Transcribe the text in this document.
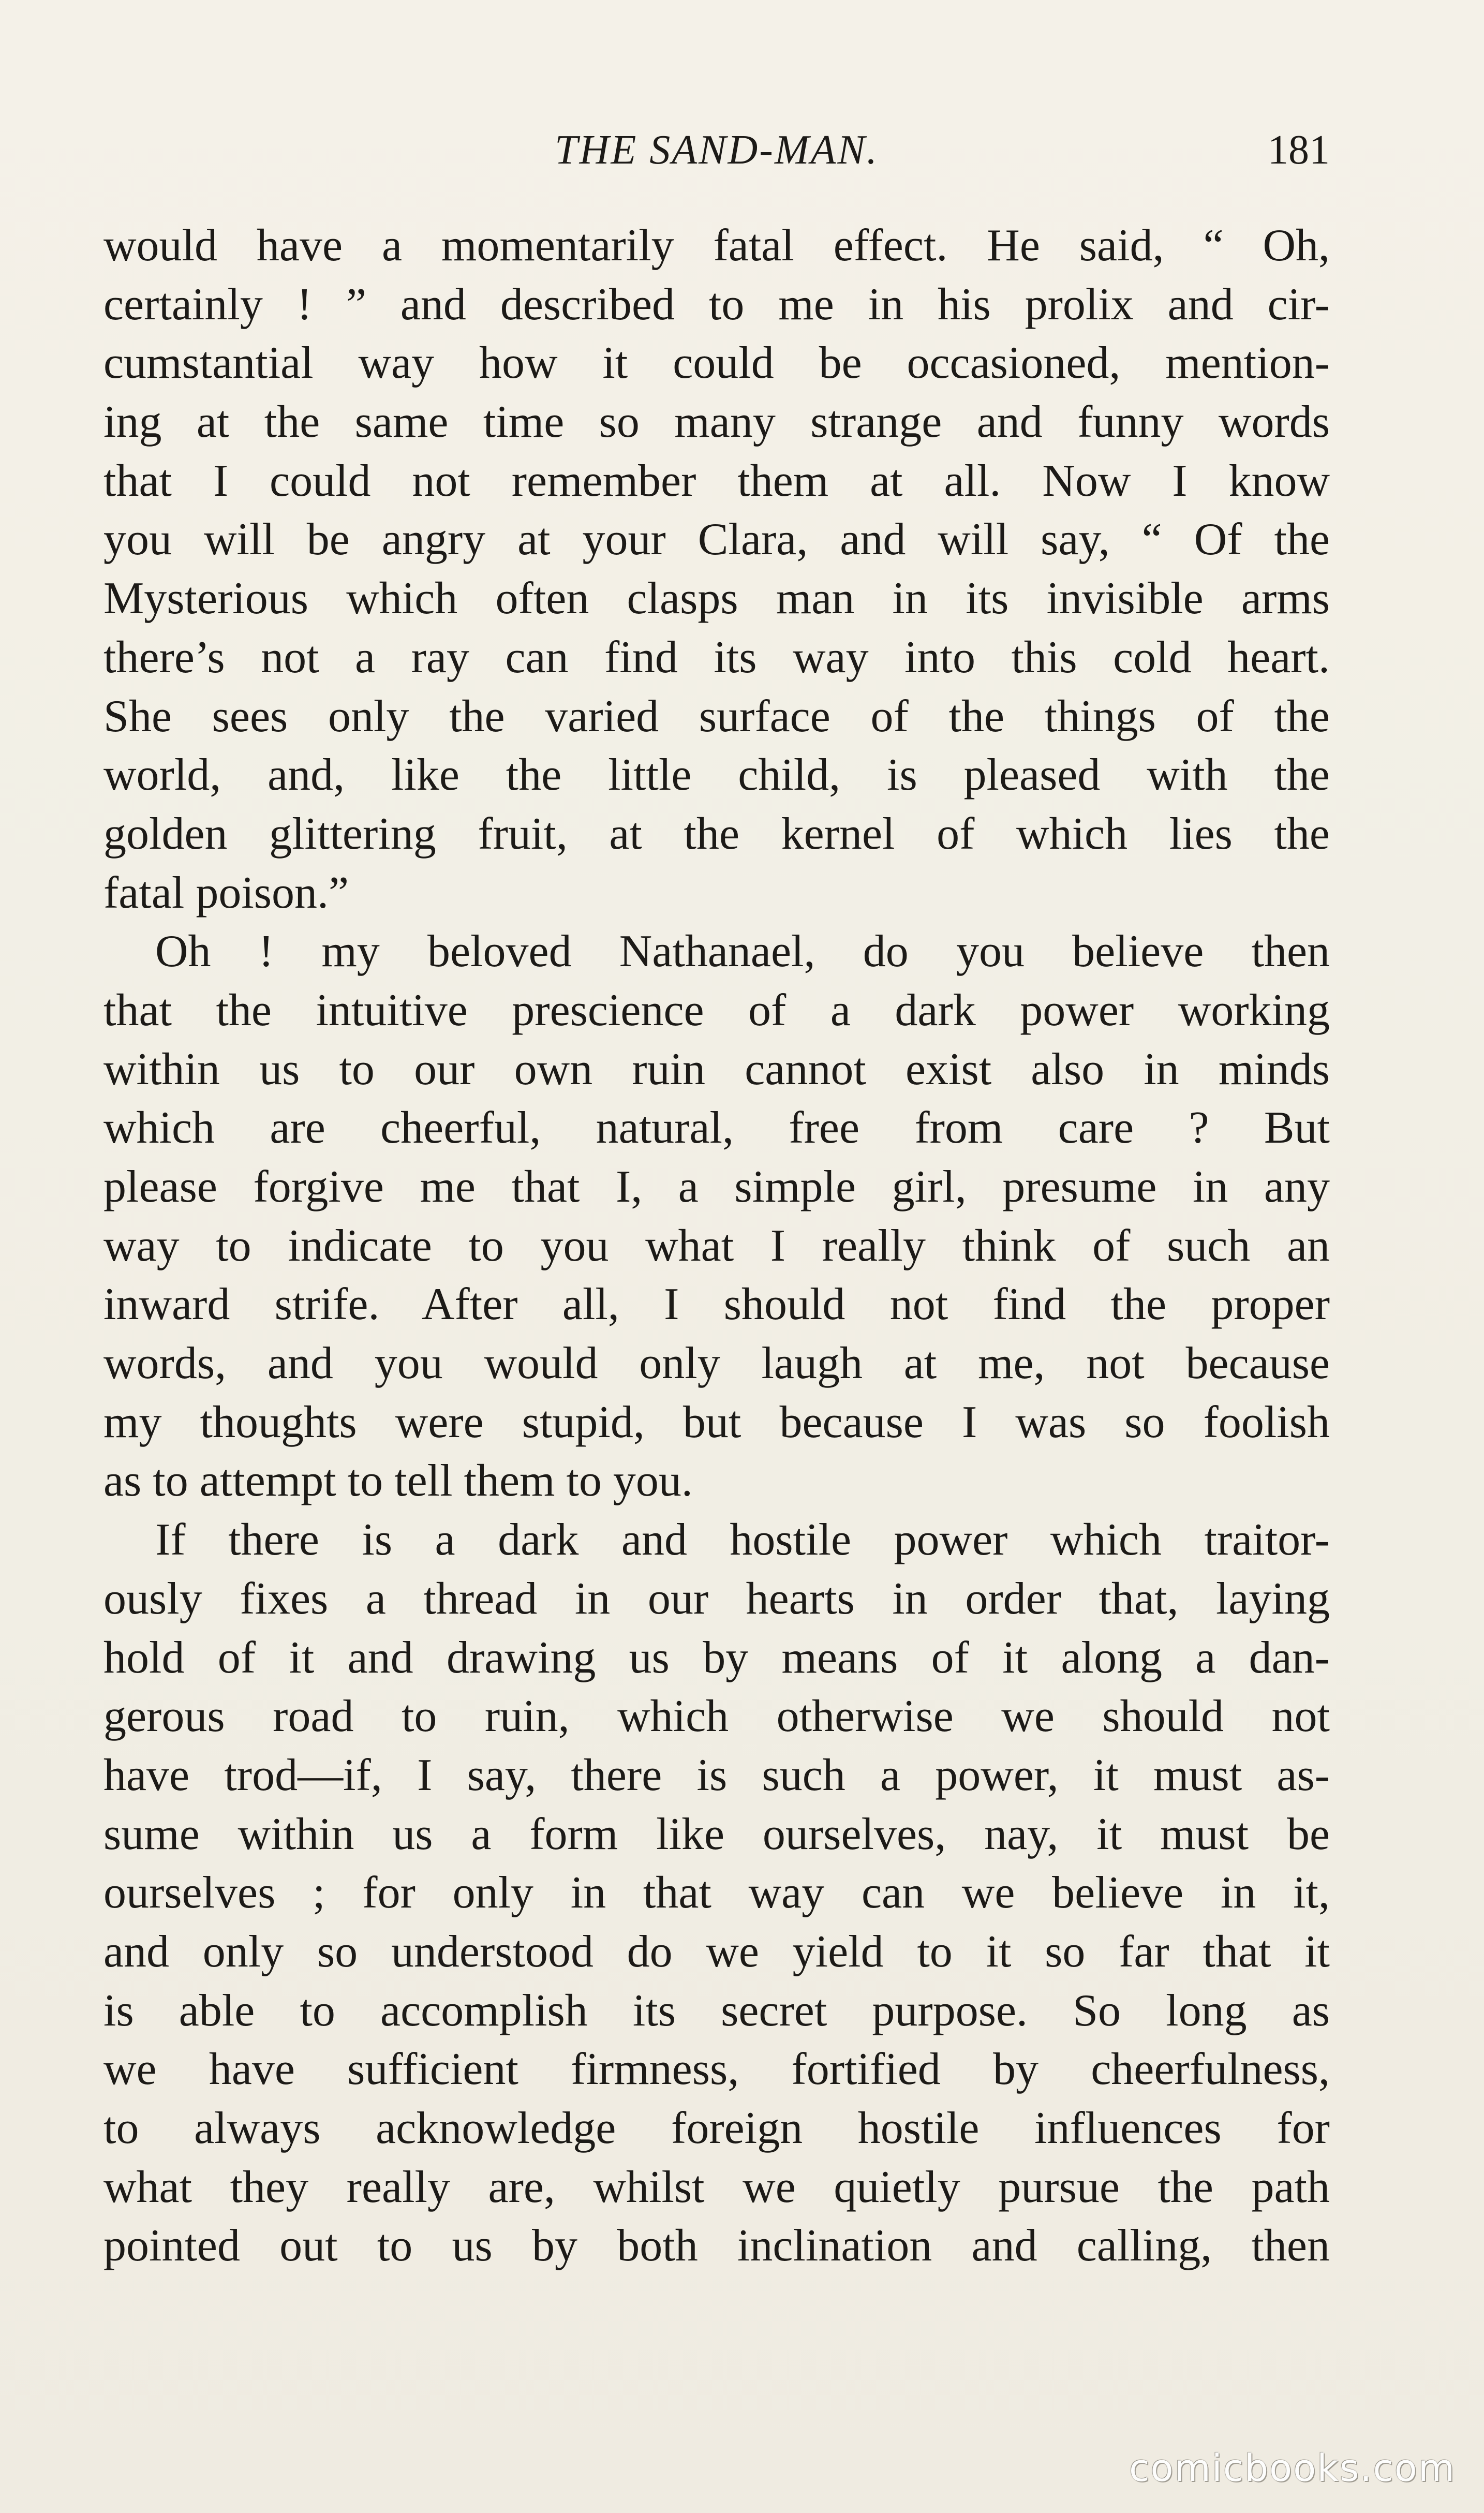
THE SAND-MAN.	181
would have a momentarily fatal effect. He said, “ Oh,
certainly ! ” and described to me in his prolix and cir-
cumstantial way how it could be occasioned, mention-
ing at the same time so many strange and funny words
that I could not remember them at all. Now I know
you will be angry at your Clara, and will say, “ Of the
Mysterious which often clasps man in its invisible arms
there’s not a ray can find its way into this cold heart.
She sees only the varied surface of the things of the
world, and, like the little child, is pleased with the
golden glittering fruit, at the kernel of which lies the
fatal poison.”
Oh ! my beloved Nathanael, do you believe then
that the intuitive prescience of a dark power working
within us to our own ruin cannot exist also in minds
which are cheerful, natural, free from care ? But
please forgive me that I, a simple girl, presume in any
way to indicate to you what I really think of such an
inward strife. After all, I should not find the proper
words, and you would only laugh at me, not because
my thoughts were stupid, but because I was so foolish
as to attempt to tell them to you.
If there is a dark and hostile power which traitor-
ously fixes a thread in our hearts in order that, laying
hold of it and drawing us by means of it along a dan-
gerous road to ruin, which otherwise we should not
have trod—if, I say, there is such a power, it must as-
sume within us a form like ourselves, nay, it must be
ourselves ; for only in that way can we believe in it,
and only so understood do we yield to it so far that it
is able to accomplish its secret purpose. So long as
we have sufficient firmness, fortified by cheerfulness,
to always acknowledge foreign hostile influences for
what they really are, whilst we quietly pursue the path
pointed out to us by both inclination and calling, then
comicbooks.com
